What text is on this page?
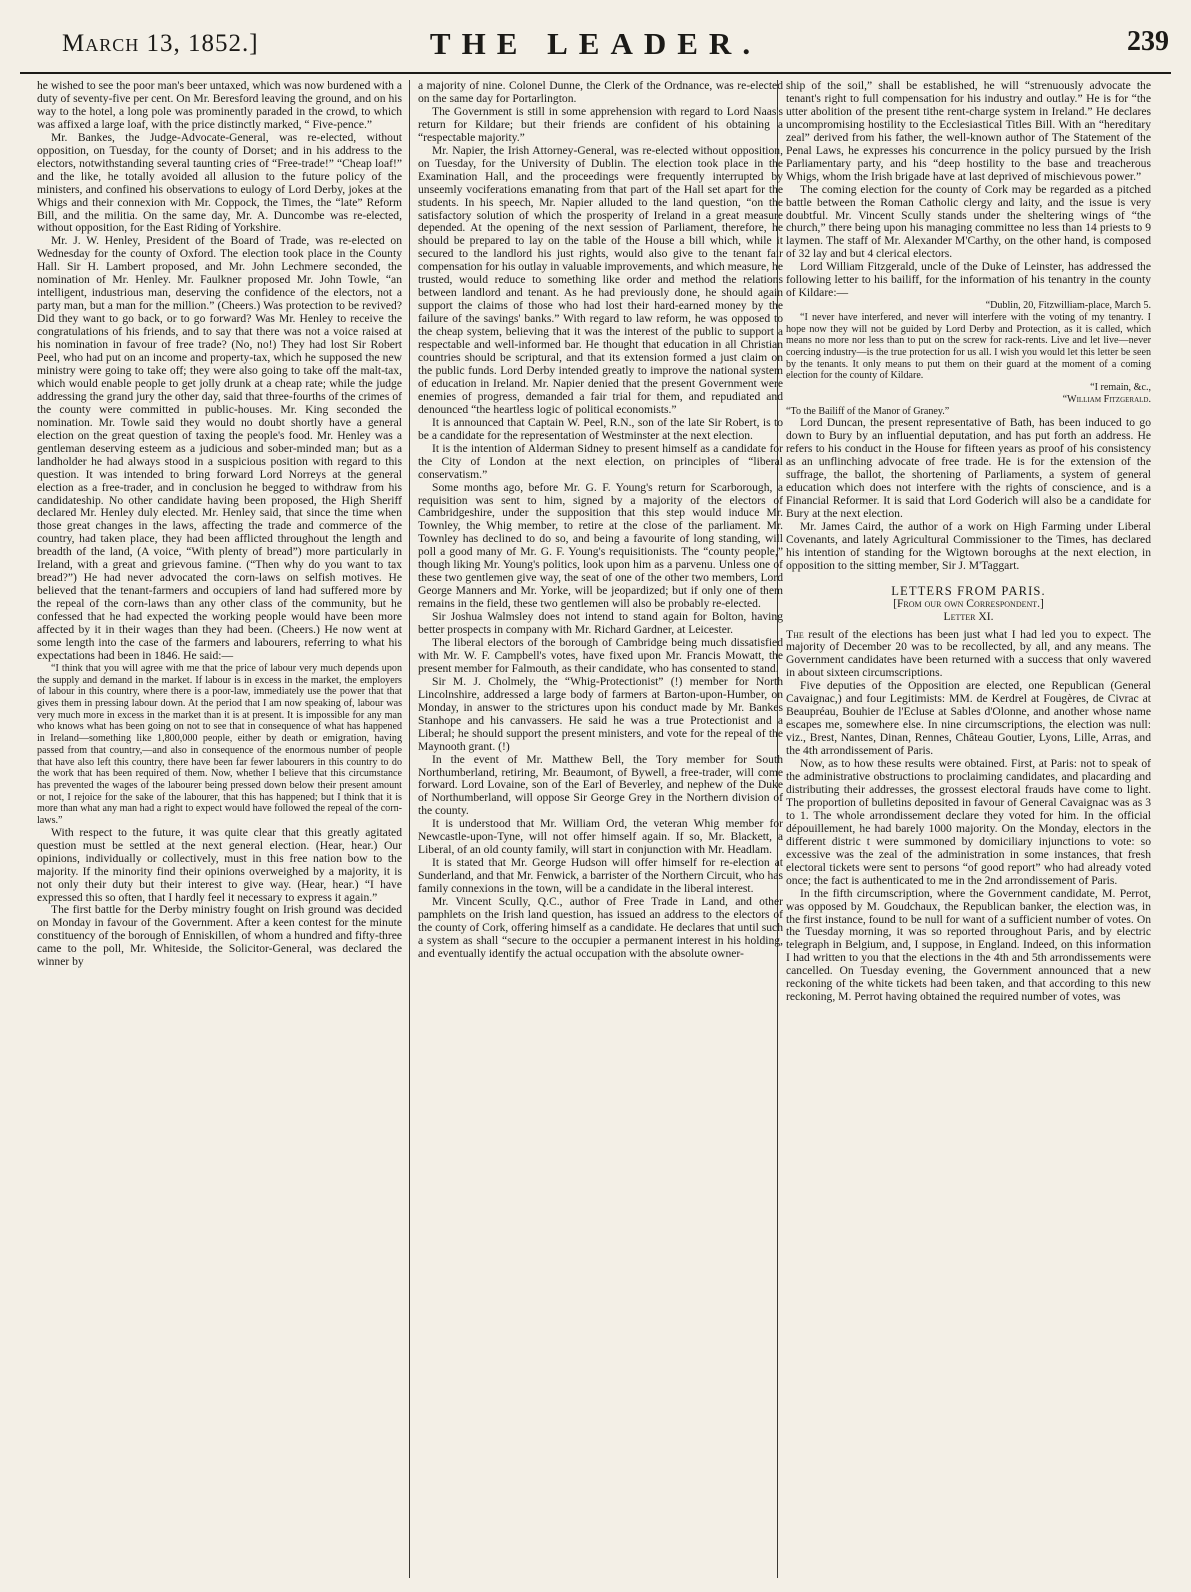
March 13, 1852.]	THE LEADER.	239

he wished to see the poor man's beer untaxed, which was now burdened with a duty of seventy-five per cent. On Mr. Beresford leaving the ground, and on his way to the hotel, a long pole was prominently paraded in the crowd, to which was affixed a large loaf, with the price distinctly marked, “ Five-pence.”

Mr. Bankes, the Judge-Advocate-General, was re-elected, without opposition, on Tuesday, for the county of Dorset; and in his address to the electors, notwithstanding several taunting cries of “Free-trade!” “Cheap loaf!” and the like, he totally avoided all allusion to the future policy of the ministers, and confined his observations to eulogy of Lord Derby, jokes at the Whigs and their connexion with Mr. Coppock, the Times, the “late” Reform Bill, and the militia. On the same day, Mr. A. Duncombe was re-elected, without opposition, for the East Riding of Yorkshire.

Mr. J. W. Henley, President of the Board of Trade, was re-elected on Wednesday for the county of Oxford. The election took place in the County Hall. Sir H. Lambert proposed, and Mr. John Lechmere seconded, the nomination of Mr. Henley. Mr. Faulkner proposed Mr. John Towle, “an intelligent, industrious man, deserving the confidence of the electors, not a party man, but a man for the million.” (Cheers.) Was protection to be revived? Did they want to go back, or to go forward? Was Mr. Henley to receive the congratulations of his friends, and to say that there was not a voice raised at his nomination in favour of free trade? (No, no!) They had lost Sir Robert Peel, who had put on an income and property-tax, which he supposed the new ministry were going to take off; they were also going to take off the malt-tax, which would enable people to get jolly drunk at a cheap rate; while the judge addressing the grand jury the other day, said that three-fourths of the crimes of the county were committed in public-houses. Mr. King seconded the nomination. Mr. Towle said they would no doubt shortly have a general election on the great question of taxing the people's food. Mr. Henley was a gentleman deserving esteem as a judicious and sober-minded man; but as a landholder he had always stood in a suspicious position with regard to this question. It was intended to bring forward Lord Norreys at the general election as a free-trader, and in conclusion he begged to withdraw from his candidateship. No other candidate having been proposed, the High Sheriff declared Mr. Henley duly elected. Mr. Henley said, that since the time when those great changes in the laws, affecting the trade and commerce of the country, had taken place, they had been afflicted throughout the length and breadth of the land, (A voice, “With plenty of bread”) more particularly in Ireland, with a great and grievous famine. (“Then why do you want to tax bread?”) He had never advocated the corn-laws on selfish motives. He believed that the tenant-farmers and occupiers of land had suffered more by the repeal of the corn-laws than any other class of the community, but he confessed that he had expected the working people would have been more affected by it in their wages than they had been. (Cheers.) He now went at some length into the case of the farmers and labourers, referring to what his expectations had been in 1846. He said:—

“I think that you will agree with me that the price of labour very much depends upon the supply and demand in the market. If labour is in excess in the market, the employers of labour in this country, where there is a poor-law, immediately use the power that that gives them in pressing labour down. At the period that I am now speaking of, labour was very much more in excess in the market than it is at present. It is impossible for any man who knows what has been going on not to see that in consequence of what has happened in Ireland—something like 1,800,000 people, either by death or emigration, having passed from that country,—and also in consequence of the enormous number of people that have also left this country, there have been far fewer labourers in this country to do the work that has been required of them. Now, whether I believe that this circumstance has prevented the wages of the labourer being pressed down below their present amount or not, I rejoice for the sake of the labourer, that this has happened; but I think that it is more than what any man had a right to expect would have followed the repeal of the corn-laws.”

With respect to the future, it was quite clear that this greatly agitated question must be settled at the next general election. (Hear, hear.) Our opinions, individually or collectively, must in this free nation bow to the majority. If the minority find their opinions overweighed by a majority, it is not only their duty but their interest to give way. (Hear, hear.) “I have expressed this so often, that I hardly feel it necessary to express it again.”

The first battle for the Derby ministry fought on Irish ground was decided on Monday in favour of the Government. After a keen contest for the minute constituency of the borough of Enniskillen, of whom a hundred and fifty-three came to the poll, Mr. Whiteside, the Solicitor-General, was declared the winner by

a majority of nine. Colonel Dunne, the Clerk of the Ordnance, was re-elected on the same day for Portarlington.

The Government is still in some apprehension with regard to Lord Naas's return for Kildare; but their friends are confident of his obtaining a “respectable majority.”

Mr. Napier, the Irish Attorney-General, was re-elected without opposition, on Tuesday, for the University of Dublin. The election took place in the Examination Hall, and the proceedings were frequently interrupted by unseemly vociferations emanating from that part of the Hall set apart for the students. In his speech, Mr. Napier alluded to the land question, “on the satisfactory solution of which the prosperity of Ireland in a great measure depended. At the opening of the next session of Parliament, therefore, he should be prepared to lay on the table of the House a bill which, while it secured to the landlord his just rights, would also give to the tenant fair compensation for his outlay in valuable improvements, and which measure, he trusted, would reduce to something like order and method the relations between landlord and tenant. As he had previously done, he should again support the claims of those who had lost their hard-earned money by the failure of the savings' banks.” With regard to law reform, he was opposed to the cheap system, believing that it was the interest of the public to support a respectable and well-informed bar. He thought that education in all Christian countries should be scriptural, and that its extension formed a just claim on the public funds. Lord Derby intended greatly to improve the national system of education in Ireland. Mr. Napier denied that the present Government were enemies of progress, demanded a fair trial for them, and repudiated and denounced “the heartless logic of political economists.”

It is announced that Captain W. Peel, R.N., son of the late Sir Robert, is to be a candidate for the representation of Westminster at the next election.

It is the intention of Alderman Sidney to present himself as a candidate for the City of London at the next election, on principles of “liberal conservatism.”

Some months ago, before Mr. G. F. Young's return for Scarborough, a requisition was sent to him, signed by a majority of the electors of Cambridgeshire, under the supposition that this step would induce Mr. Townley, the Whig member, to retire at the close of the parliament. Mr. Townley has declined to do so, and being a favourite of long standing, will poll a good many of Mr. G. F. Young's requisitionists. The “county people,” though liking Mr. Young's politics, look upon him as a parvenu. Unless one of these two gentlemen give way, the seat of one of the other two members, Lord George Manners and Mr. Yorke, will be jeopardized; but if only one of them remains in the field, these two gentlemen will also be probably re-elected.

Sir Joshua Walmsley does not intend to stand again for Bolton, having better prospects in company with Mr. Richard Gardner, at Leicester.

The liberal electors of the borough of Cambridge being much dissatisfied with Mr. W. F. Campbell's votes, have fixed upon Mr. Francis Mowatt, the present member for Falmouth, as their candidate, who has consented to stand.

Sir M. J. Cholmely, the “Whig-Protectionist” (!) member for North Lincolnshire, addressed a large body of farmers at Barton-upon-Humber, on Monday, in answer to the strictures upon his conduct made by Mr. Bankes Stanhope and his canvassers. He said he was a true Protectionist and a Liberal; he should support the present ministers, and vote for the repeal of the Maynooth grant. (!)

In the event of Mr. Matthew Bell, the Tory member for South Northumberland, retiring, Mr. Beaumont, of Bywell, a free-trader, will come forward. Lord Lovaine, son of the Earl of Beverley, and nephew of the Duke of Northumberland, will oppose Sir George Grey in the Northern division of the county.

It is understood that Mr. William Ord, the veteran Whig member for Newcastle-upon-Tyne, will not offer himself again. If so, Mr. Blackett, a Liberal, of an old county family, will start in conjunction with Mr. Headlam.

It is stated that Mr. George Hudson will offer himself for re-election at Sunderland, and that Mr. Fenwick, a barrister of the Northern Circuit, who has family connexions in the town, will be a candidate in the liberal interest.

Mr. Vincent Scully, Q.C., author of Free Trade in Land, and other pamphlets on the Irish land question, has issued an address to the electors of the county of Cork, offering himself as a candidate. He declares that until such a system as shall “secure to the occupier a permanent interest in his holding, and eventually identify the actual occupation with the absolute owner-

ship of the soil,” shall be established, he will “strenuously advocate the tenant's right to full compensation for his industry and outlay.” He is for “the utter abolition of the present tithe rent-charge system in Ireland.” He declares uncompromising hostility to the Ecclesiastical Titles Bill. With an “hereditary zeal” derived from his father, the well-known author of The Statement of the Penal Laws, he expresses his concurrence in the policy pursued by the Irish Parliamentary party, and his “deep hostility to the base and treacherous Whigs, whom the Irish brigade have at last deprived of mischievous power.”

The coming election for the county of Cork may be regarded as a pitched battle between the Roman Catholic clergy and laity, and the issue is very doubtful. Mr. Vincent Scully stands under the sheltering wings of “the church,” there being upon his managing committee no less than 14 priests to 9 laymen. The staff of Mr. Alexander M'Carthy, on the other hand, is composed of 32 lay and but 4 clerical electors.

Lord William Fitzgerald, uncle of the Duke of Leinster, has addressed the following letter to his bailiff, for the information of his tenantry in the county of Kildare:—

“Dublin, 20, Fitzwilliam-place, March 5.

“I never have interfered, and never will interfere with the voting of my tenantry. I hope now they will not be guided by Lord Derby and Protection, as it is called, which means no more nor less than to put on the screw for rack-rents. Live and let live—never coercing industry—is the true protection for us all. I wish you would let this letter be seen by the tenants. It only means to put them on their guard at the moment of a coming election for the county of Kildare.

“I remain, &c.,

“William Fitzgerald.

“To the Bailiff of the Manor of Graney.”

Lord Duncan, the present representative of Bath, has been induced to go down to Bury by an influential deputation, and has put forth an address. He refers to his conduct in the House for fifteen years as proof of his consistency as an unflinching advocate of free trade. He is for the extension of the suffrage, the ballot, the shortening of Parliaments, a system of general education which does not interfere with the rights of conscience, and is a Financial Reformer. It is said that Lord Goderich will also be a candidate for Bury at the next election.

Mr. James Caird, the author of a work on High Farming under Liberal Covenants, and lately Agricultural Commissioner to the Times, has declared his intention of standing for the Wigtown boroughs at the next election, in opposition to the sitting member, Sir J. M'Taggart.

LETTERS FROM PARIS.

[From our own Correspondent.]

Letter XI.

The result of the elections has been just what I had led you to expect. The majority of December 20 was to be recollected, by all, and any means. The Government candidates have been returned with a success that only wavered in about sixteen circumscriptions.

Five deputies of the Opposition are elected, one Republican (General Cavaignac,) and four Legitimists: MM. de Kerdrel at Fougères, de Civrac at Beaupréau, Bouhier de l'Ecluse at Sables d'Olonne, and another whose name escapes me, somewhere else. In nine circumscriptions, the election was null: viz., Brest, Nantes, Dinan, Rennes, Château Goutier, Lyons, Lille, Arras, and the 4th arrondissement of Paris.

Now, as to how these results were obtained. First, at Paris: not to speak of the administrative obstructions to proclaiming candidates, and placarding and distributing their addresses, the grossest electoral frauds have come to light. The proportion of bulletins deposited in favour of General Cavaignac was as 3 to 1. The whole arrondissement declare they voted for him. In the official dépouillement, he had barely 1000 majority. On the Monday, electors in the different distric t were summoned by domiciliary injunctions to vote: so excessive was the zeal of the administration in some instances, that fresh electoral tickets were sent to persons “of good report” who had already voted once; the fact is authenticated to me in the 2nd arrondissement of Paris.

In the fifth circumscription, where the Government candidate, M. Perrot, was opposed by M. Goudchaux, the Republican banker, the election was, in the first instance, found to be null for want of a sufficient number of votes. On the Tuesday morning, it was so reported throughout Paris, and by electric telegraph in Belgium, and, I suppose, in England. Indeed, on this information I had written to you that the elections in the 4th and 5th arrondissements were cancelled. On Tuesday evening, the Government announced that a new reckoning of the white tickets had been taken, and that according to this new reckoning, M. Perrot having obtained the required number of votes, was
